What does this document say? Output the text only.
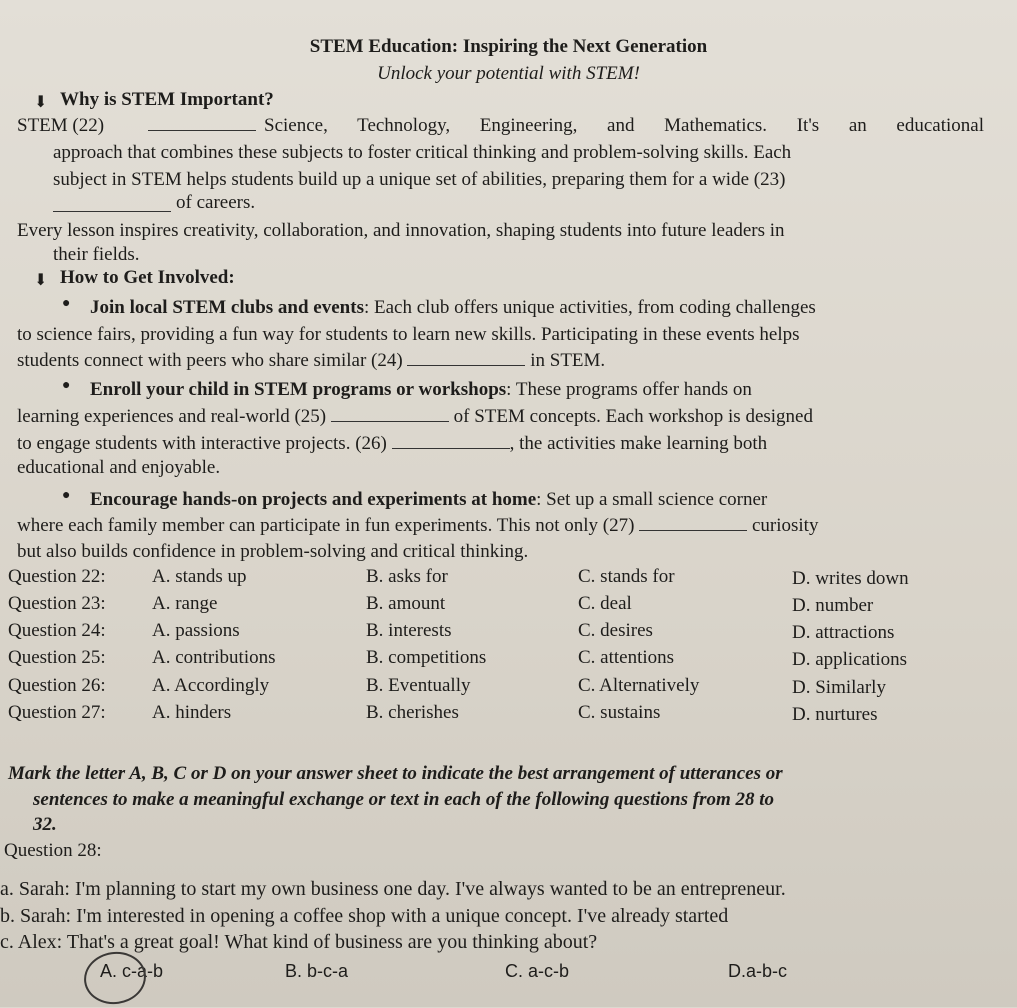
STEM Education: Inspiring the Next Generation
Unlock your potential with STEM!
⬇ Why is STEM Important?
STEM (22)	Science, Technology, Engineering, and Mathematics. It's an educational
approach that combines these subjects to foster critical thinking and problem-solving skills. Each
subject in STEM helps students build up a unique set of abilities, preparing them for a wide (23)
of careers.
Every lesson inspires creativity, collaboration, and innovation, shaping students into future leaders in
their fields.
⬇ How to Get Involved:
● Join local STEM clubs and events: Each club offers unique activities, from coding challenges
to science fairs, providing a fun way for students to learn new skills. Participating in these events helps
students connect with peers who share similar (24)	in STEM.
● Enroll your child in STEM programs or workshops: These programs offer hands on
learning experiences and real-world (25)	of STEM concepts. Each workshop is designed
to engage students with interactive projects. (26)	, the activities make learning both
educational and enjoyable.
● Encourage hands-on projects and experiments at home: Set up a small science corner
where each family member can participate in fun experiments. This not only (27)	curiosity
but also builds confidence in problem-solving and critical thinking.
Question 22: A. stands up	B. asks for	C. stands for	D. writes down
Question 23: A. range	B. amount	C. deal	D. number
Question 24: A. passions	B. interests	C. desires	D. attractions
Question 25: A. contributions	B. competitions	C. attentions	D. applications
Question 26: A. Accordingly	B. Eventually	C. Alternatively	D. Similarly
Question 27: A. hinders	B. cherishes	C. sustains	D. nurtures
Mark the letter A, B, C or D on your answer sheet to indicate the best arrangement of utterances or
sentences to make a meaningful exchange or text in each of the following questions from 28 to
32.
Question 28:
a. Sarah: I'm planning to start my own business one day. I've always wanted to be an entrepreneur.
b. Sarah: I'm interested in opening a coffee shop with a unique concept. I've already started
c. Alex: That's a great goal! What kind of business are you thinking about?
A. c-a-b	B. b-c-a	C. a-c-b	D.a-b-c
